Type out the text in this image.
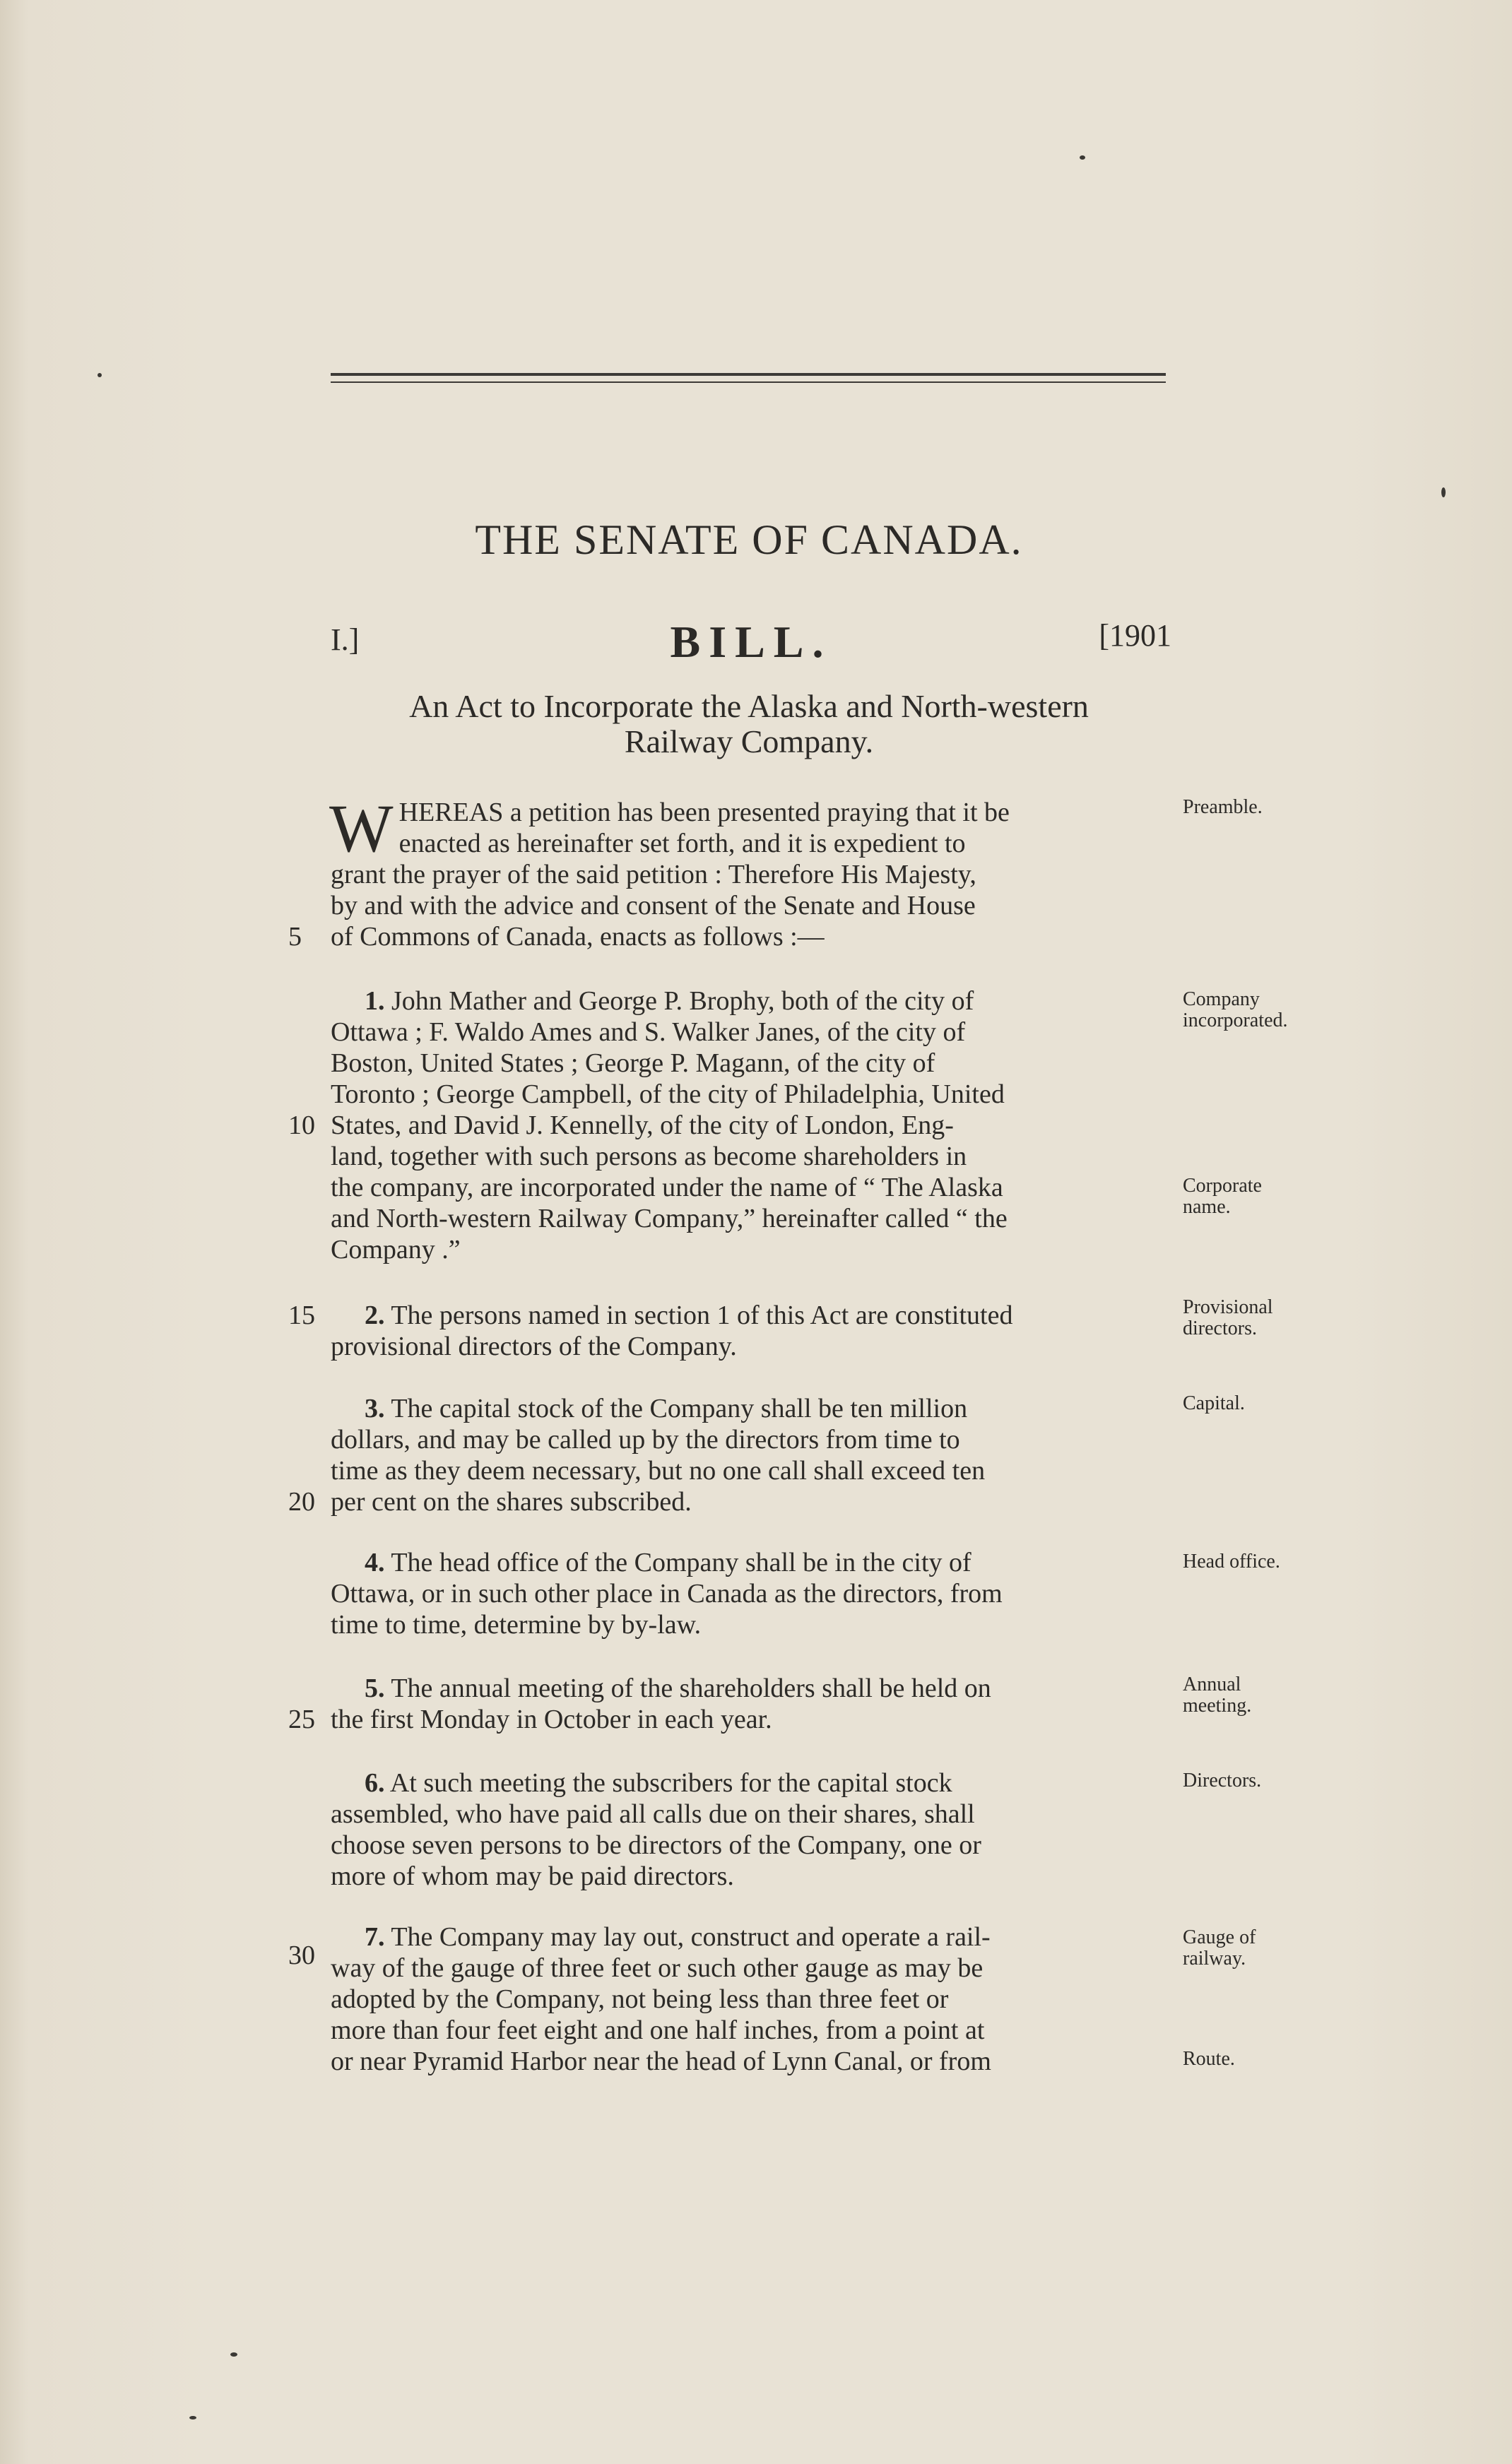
THE SENATE OF CANADA.
I.]	BILL.	[1901
An Act to Incorporate the Alaska and North-western
Railway Company.
W HEREAS a petition has been presented praying that it be

enacted as hereinafter set forth, and it is expedient to

grant the prayer of the said petition : Therefore His Majesty,

by and with the advice and consent of the Senate and House

of Commons of Canada, enacts as follows :—

1. John Mather and George P. Brophy, both of the city of

Ottawa ; F. Waldo Ames and S. Walker Janes, of the city of

Boston, United States ; George P. Magann, of the city of

Toronto ; George Campbell, of the city of Philadelphia, United

States, and David J. Kennelly, of the city of London, Eng-

land, together with such persons as become shareholders in

the company, are incorporated under the name of “ The Alaska

and North-western Railway Company,” hereinafter called “ the

Company .”

2. The persons named in section 1 of this Act are constituted

provisional directors of the Company.

3. The capital stock of the Company shall be ten million

dollars, and may be called up by the directors from time to

time as they deem necessary, but no one call shall exceed ten

per cent on the shares subscribed.

4. The head office of the Company shall be in the city of

Ottawa, or in such other place in Canada as the directors, from

time to time, determine by by-law.

5. The annual meeting of the shareholders shall be held on

the first Monday in October in each year.

6. At such meeting the subscribers for the capital stock

assembled, who have paid all calls due on their shares, shall

choose seven persons to be directors of the Company, one or

more of whom may be paid directors.

7. The Company may lay out, construct and operate a rail-

way of the gauge of three feet or such other gauge as may be

adopted by the Company, not being less than three feet or

more than four feet eight and one half inches, from a point at

or near Pyramid Harbor near the head of Lynn Canal, or from

5
10
15
20
25
30
Preamble.
Company
incorporated.
Corporate
name.
Provisional
directors.
Capital.
Head office.
Annual
meeting.
Directors.
Gauge of
railway.
Route.
